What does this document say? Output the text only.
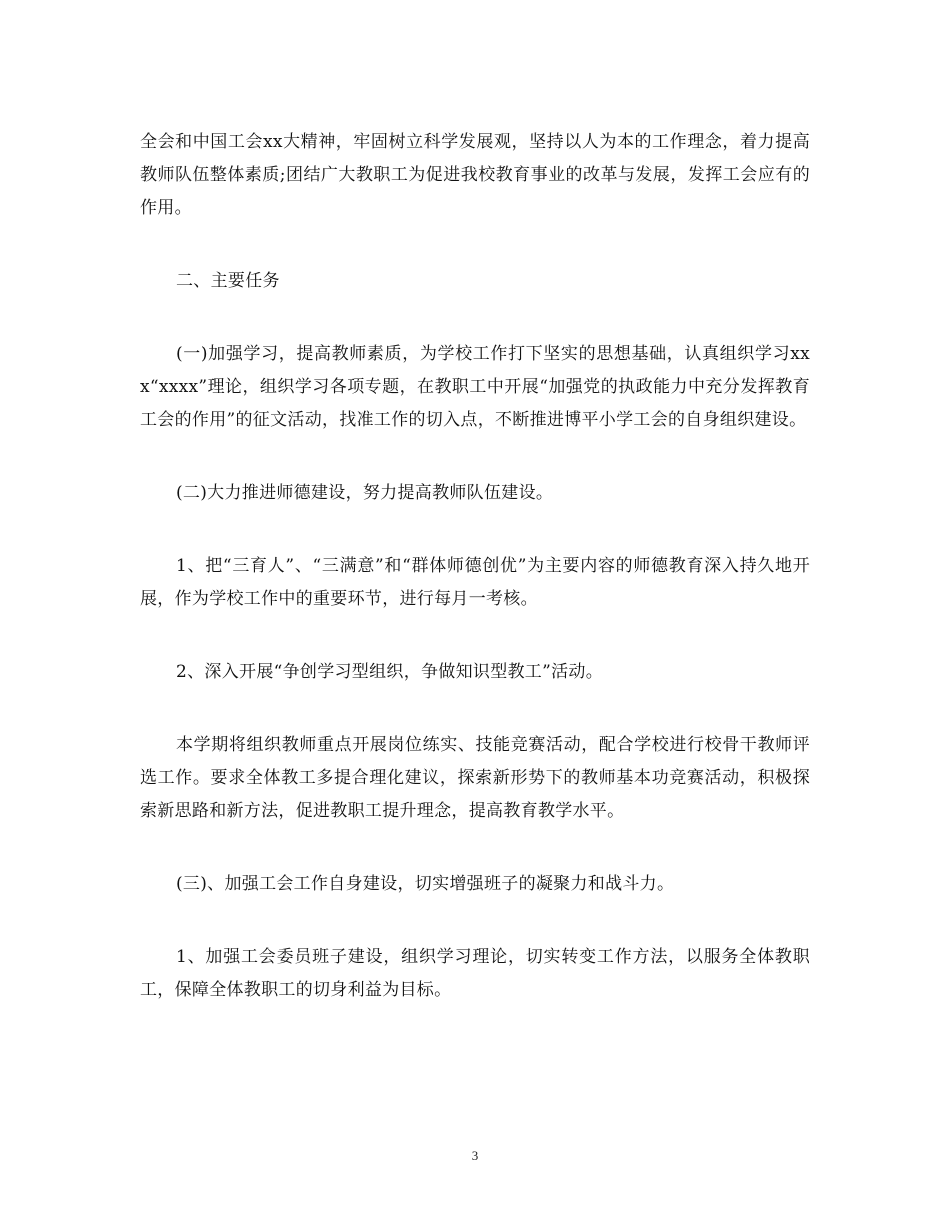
全会和中国工会xx大精神，牢固树立科学发展观，坚持以人为本的工作理念，着力提高教师队伍整体素质;团结广大教职工为促进我校教育事业的改革与发展，发挥工会应有的作用。

二、主要任务

(一)加强学习，提高教师素质，为学校工作打下坚实的思想基础，认真组织学习xxx“xxxx”理论，组织学习各项专题，在教职工中开展“加强党的执政能力中充分发挥教育工会的作用”的征文活动，找准工作的切入点，不断推进博平小学工会的自身组织建设。

(二)大力推进师德建设，努力提高教师队伍建设。

1、把“三育人”、“三满意”和“群体师德创优”为主要内容的师德教育深入持久地开展，作为学校工作中的重要环节，进行每月一考核。

2、深入开展“争创学习型组织，争做知识型教工”活动。

本学期将组织教师重点开展岗位练实、技能竞赛活动，配合学校进行校骨干教师评选工作。要求全体教工多提合理化建议，探索新形势下的教师基本功竞赛活动，积极探索新思路和新方法，促进教职工提升理念，提高教育教学水平。

(三)、加强工会工作自身建设，切实增强班子的凝聚力和战斗力。

1、加强工会委员班子建设，组织学习理论，切实转变工作方法，以服务全体教职工，保障全体教职工的切身利益为目标。

3
